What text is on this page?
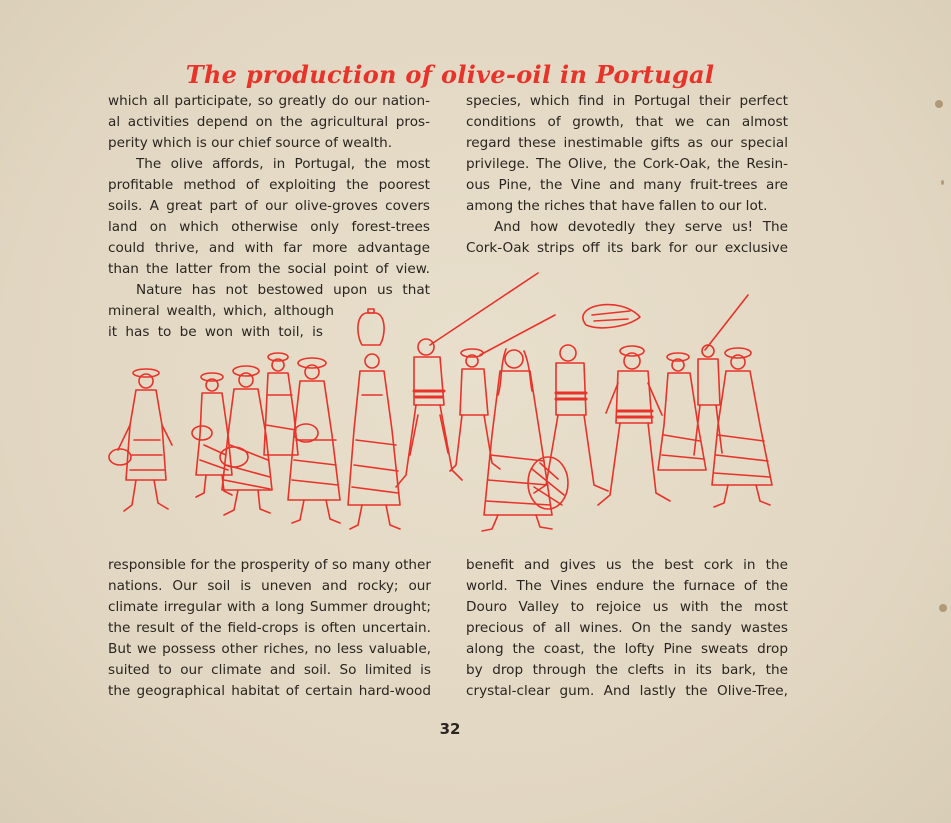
The production of olive-oil in Portugal
which all participate, so greatly do our nation-
al activities depend on the agricultural pros-
perity which is our chief source of wealth.
The olive affords, in Portugal, the most
profitable method of exploiting the poorest
soils. A great part of our olive-groves covers
land on which otherwise only forest-trees
could thrive, and with far more advantage
than the latter from the social point of view.
Nature has not bestowed upon us that
mineral wealth, which, although
it has to be won with toil, is
species, which find in Portugal their perfect
conditions of growth, that we can almost
regard these inestimable gifts as our special
privilege. The Olive, the Cork-Oak, the Resin-
ous Pine, the Vine and many fruit-trees are
among the riches that have fallen to our lot.
And how devotedly they serve us! The
Cork-Oak strips off its bark for our exclusive
responsible for the prosperity of so many other
nations. Our soil is uneven and rocky; our
climate irregular with a long Summer drought;
the result of the field-crops is often uncertain.
But we possess other riches, no less valuable,
suited to our climate and soil. So limited is
the geographical habitat of certain hard-wood
benefit and gives us the best cork in the
world. The Vines endure the furnace of the
Douro Valley to rejoice us with the most
precious of all wines. On the sandy wastes
along the coast, the lofty Pine sweats drop
by drop through the clefts in its bark, the
crystal-clear gum. And lastly the Olive-Tree,
32
